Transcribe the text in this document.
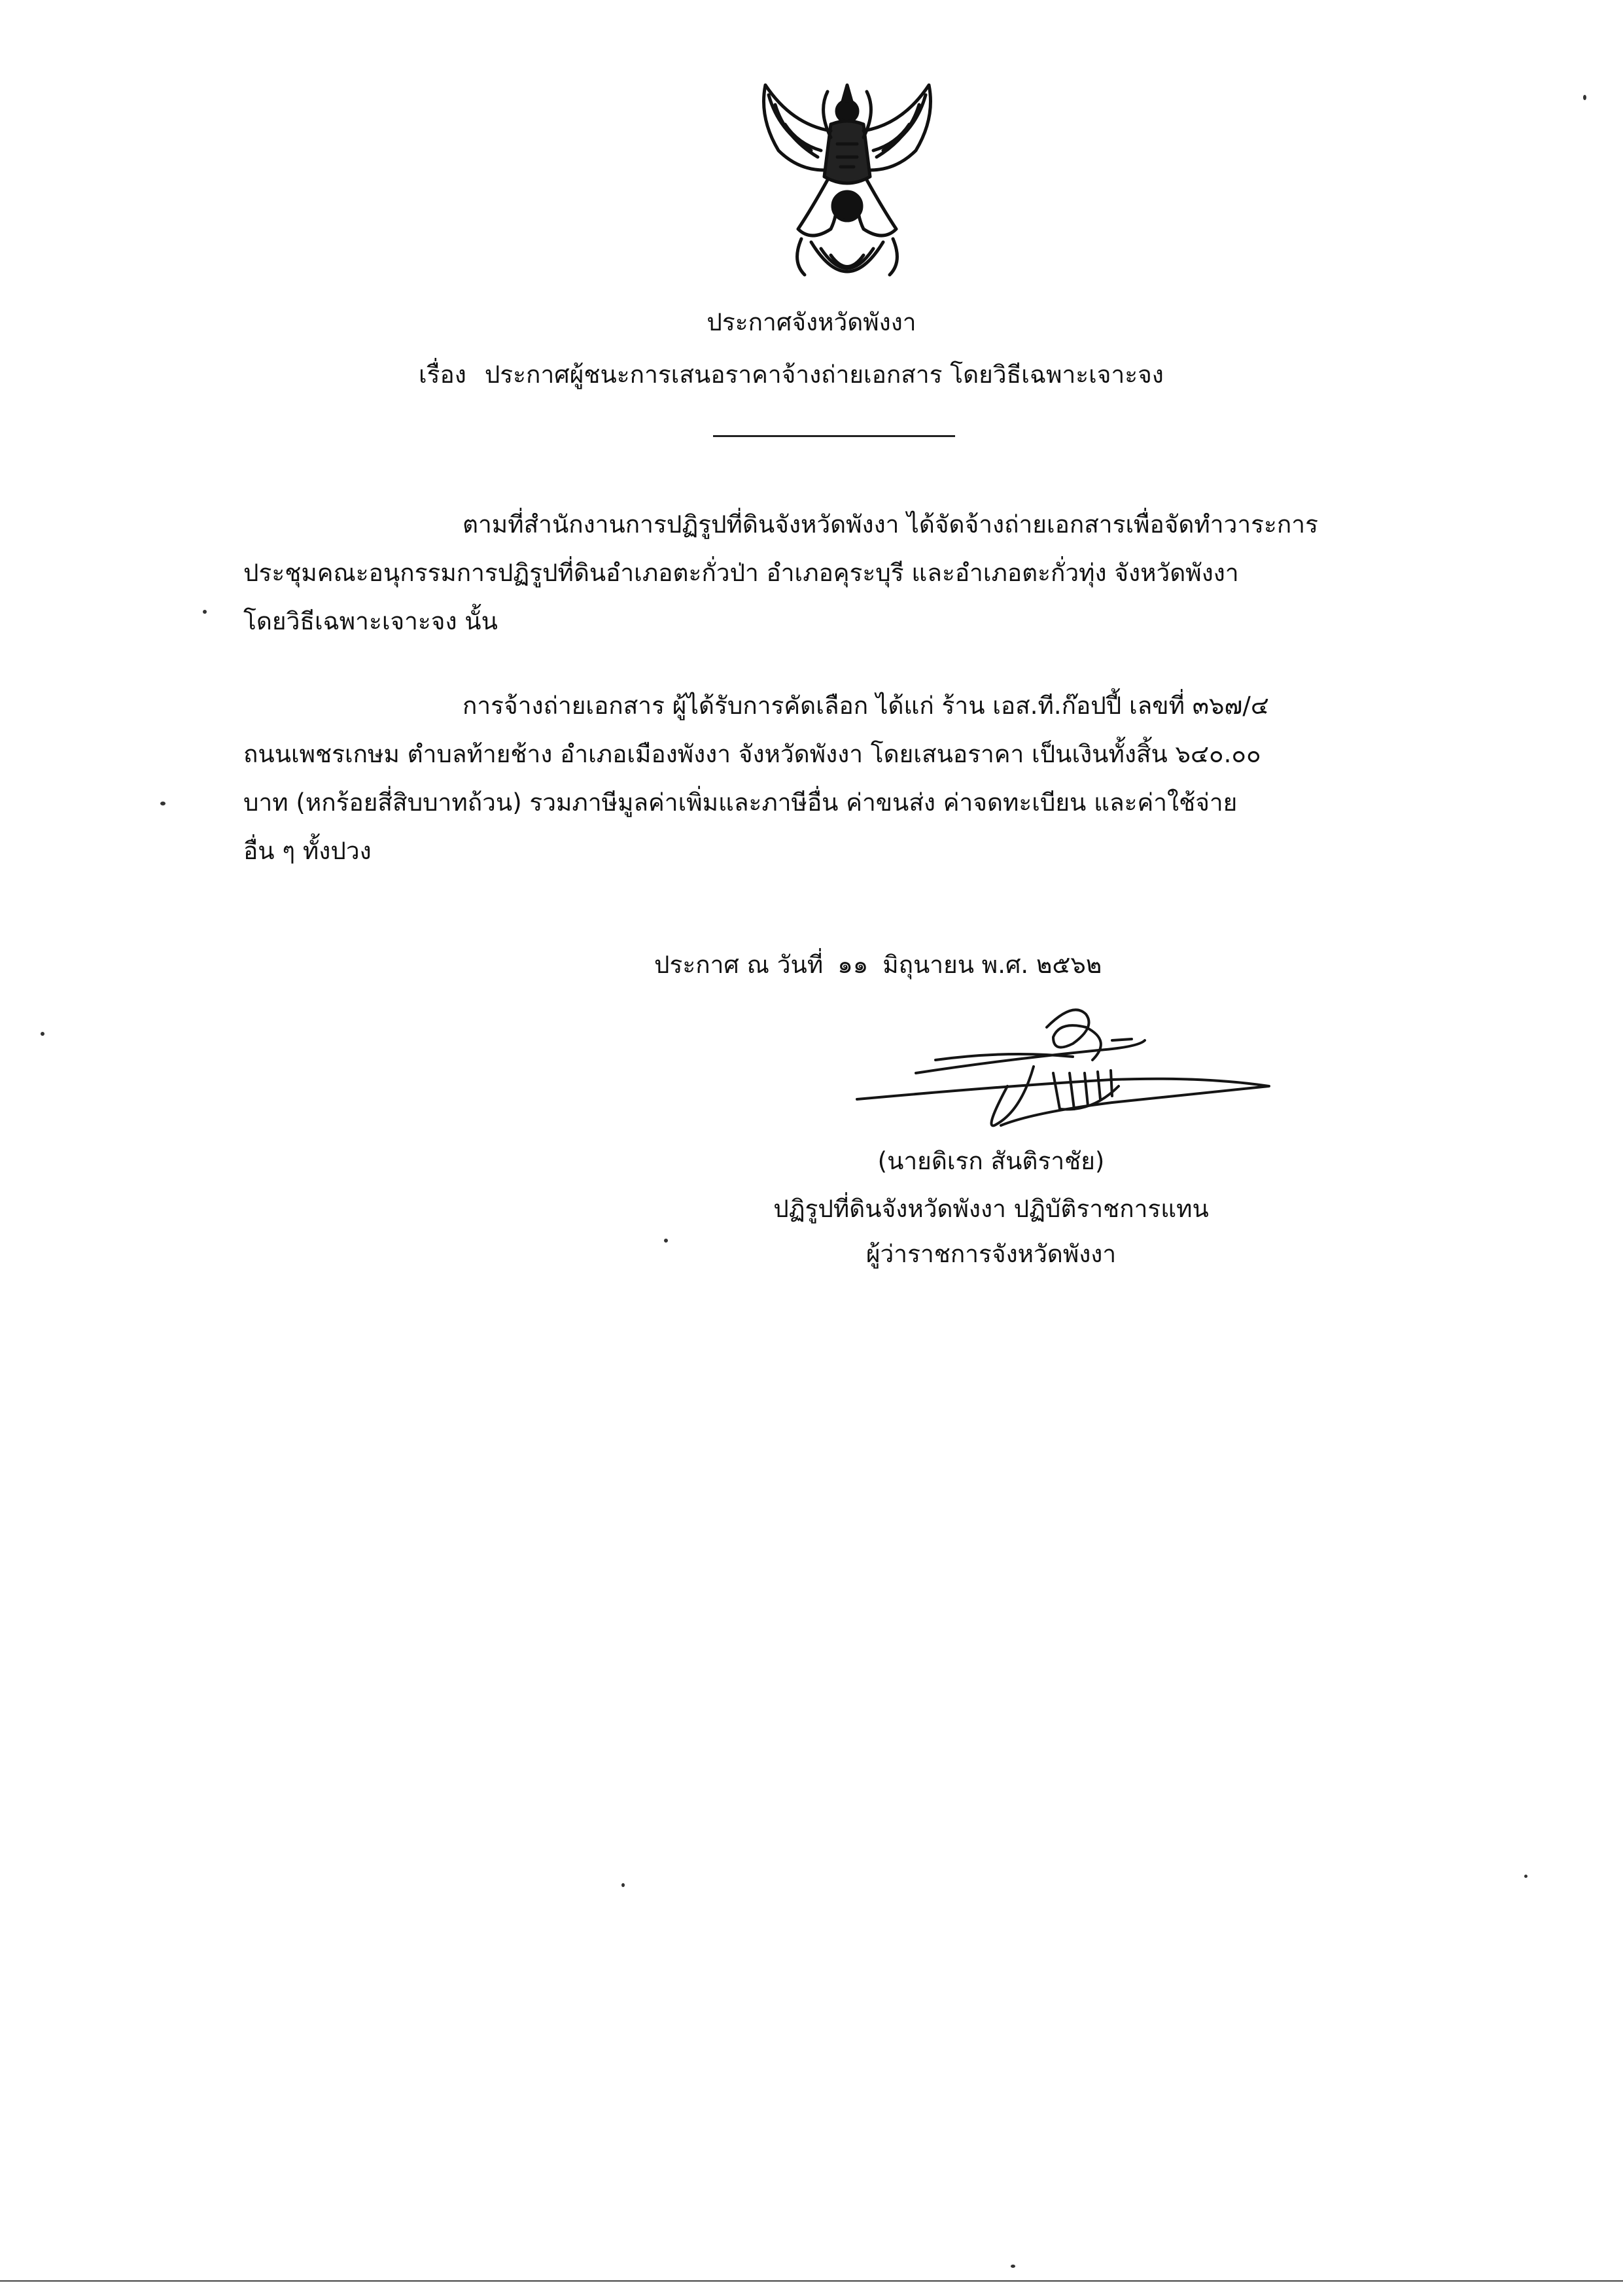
ประกาศจังหวัดพังงา
เรื่อง ประกาศผู้ชนะการเสนอราคาจ้างถ่ายเอกสาร โดยวิธีเฉพาะเจาะจง
ตามที่สำนักงานการปฏิรูปที่ดินจังหวัดพังงา ได้จัดจ้างถ่ายเอกสารเพื่อจัดทำวาระการ
ประชุมคณะอนุกรรมการปฏิรูปที่ดินอำเภอตะกั่วป่า อำเภอคุระบุรี และอำเภอตะกั่วทุ่ง จังหวัดพังงา
โดยวิธีเฉพาะเจาะจง นั้น
การจ้างถ่ายเอกสาร ผู้ได้รับการคัดเลือก ได้แก่ ร้าน เอส.ที.ก๊อปปี้ เลขที่ ๓๖๗/๔
ถนนเพชรเกษม ตำบลท้ายช้าง อำเภอเมืองพังงา จังหวัดพังงา โดยเสนอราคา เป็นเงินทั้งสิ้น ๖๔๐.๐๐
บาท (หกร้อยสี่สิบบาทถ้วน) รวมภาษีมูลค่าเพิ่มและภาษีอื่น ค่าขนส่ง ค่าจดทะเบียน และค่าใช้จ่าย
อื่น ๆ ทั้งปวง
ประกาศ ณ วันที่ ๑๑ มิถุนายน พ.ศ. ๒๕๖๒
(นายดิเรก สันติราชัย)
ปฏิรูปที่ดินจังหวัดพังงา ปฏิบัติราชการแทน
ผู้ว่าราชการจังหวัดพังงา
